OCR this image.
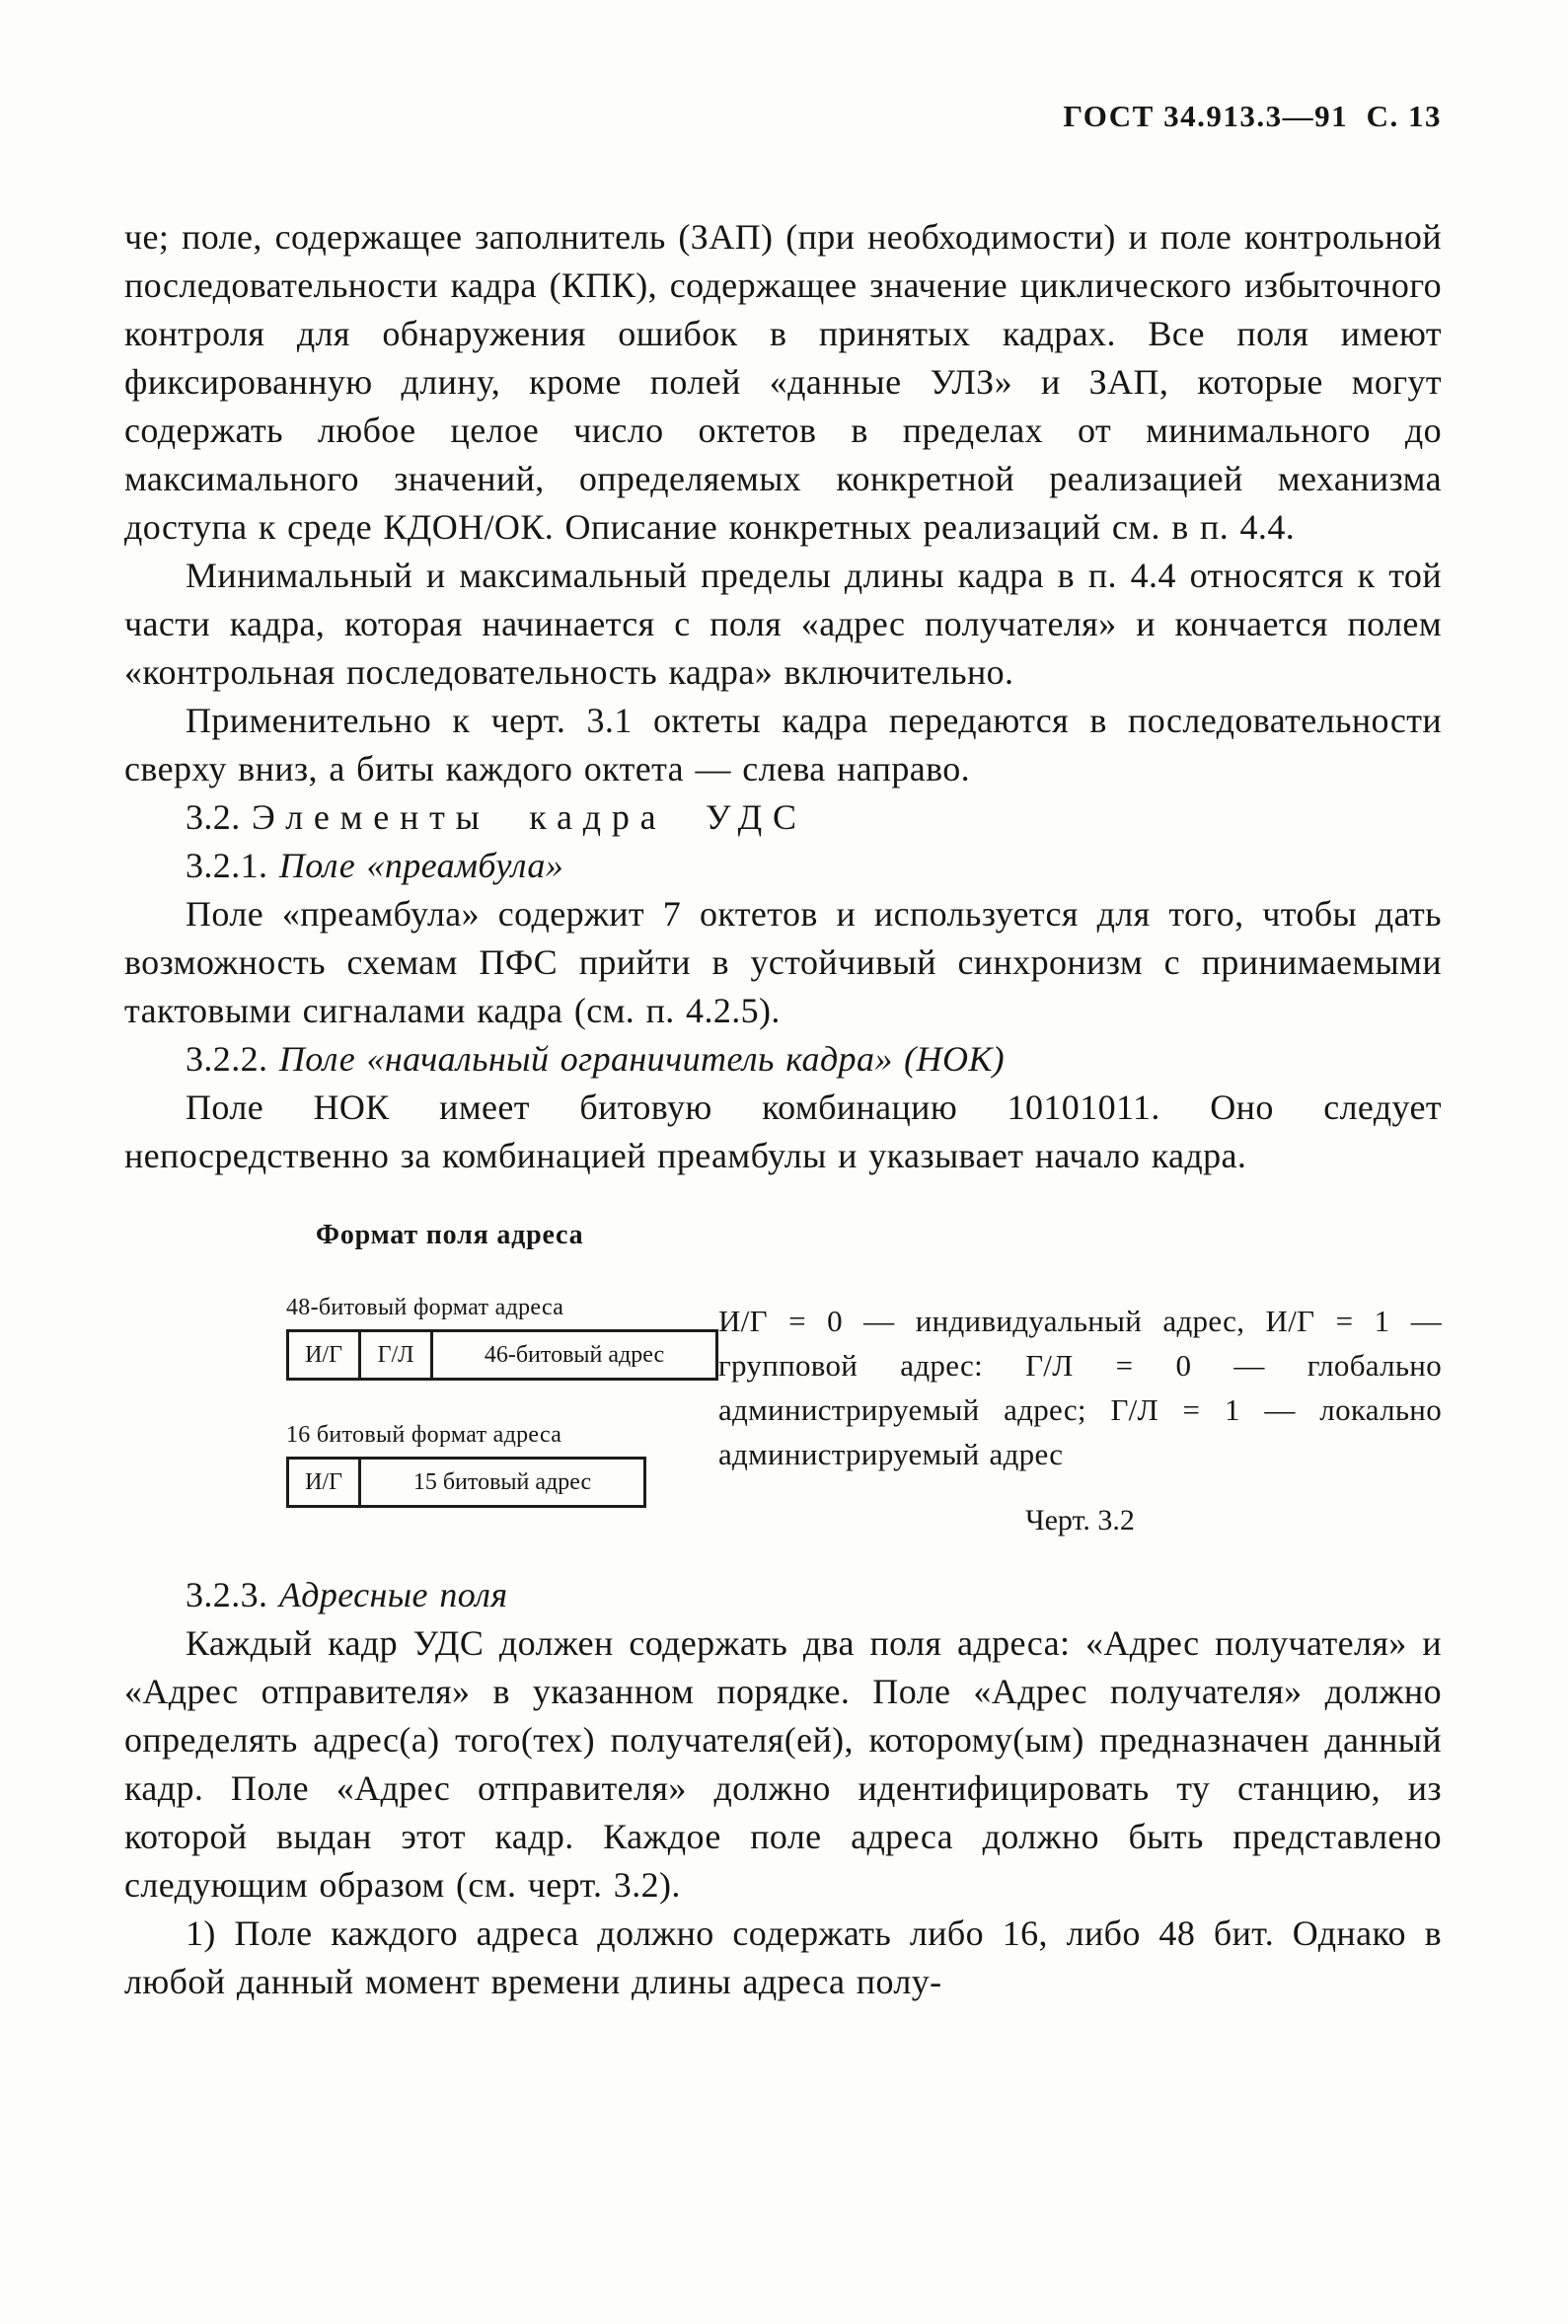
ГОСТ 34.913.3—91  С. 13

че; поле, содержащее заполнитель (ЗАП) (при необходимости) и поле контрольной последовательности кадра (КПК), содержащее значение циклического избыточного контроля для обнаружения ошибок в принятых кадрах. Все поля имеют фиксированную длину, кроме полей «данные УЛЗ» и ЗАП, которые могут содержать любое целое число октетов в пределах от минимального до максимального значений, определяемых конкретной реализацией механизма доступа к среде КДОН/ОК. Описание конкретных реализаций см. в п. 4.4.

Минимальный и максимальный пределы длины кадра в п. 4.4 относятся к той части кадра, которая начинается с поля «адрес получателя» и кончается полем «контрольная последовательность кадра» включительно.

Применительно к черт. 3.1 октеты кадра передаются в последовательности сверху вниз, а биты каждого октета — слева направо.

3.2. Элементы кадра УДС

3.2.1. Поле «преамбула»

Поле «преамбула» содержит 7 октетов и используется для того, чтобы дать возможность схемам ПФС прийти в устойчивый синхронизм с принимаемыми тактовыми сигналами кадра (см. п. 4.2.5).

3.2.2. Поле «начальный ограничитель кадра» (НОК)

Поле НОК имеет битовую комбинацию 10101011. Оно следует непосредственно за комбинацией преамбулы и указывает начало кадра.

Формат поля адреса
48-битовый формат адреса
И/Г	Г/Л	46-битовый адрес
16 битовый формат адреса
И/Г	15 битовый адрес
И/Г = 0 — индивидуальный адрес, И/Г = 1 — групповой адрес: Г/Л = 0 — глобально администрируемый адрес; Г/Л = 1 — локально администрируемый адрес
Черт. 3.2

3.2.3. Адресные поля

Каждый кадр УДС должен содержать два поля адреса: «Адрес получателя» и «Адрес отправителя» в указанном порядке. Поле «Адрес получателя» должно определять адрес(а) того(тех) получателя(ей), которому(ым) предназначен данный кадр. Поле «Адрес отправителя» должно идентифицировать ту станцию, из которой выдан этот кадр. Каждое поле адреса должно быть представлено следующим образом (см. черт. 3.2).

1) Поле каждого адреса должно содержать либо 16, либо 48 бит. Однако в любой данный момент времени длины адреса полу-
